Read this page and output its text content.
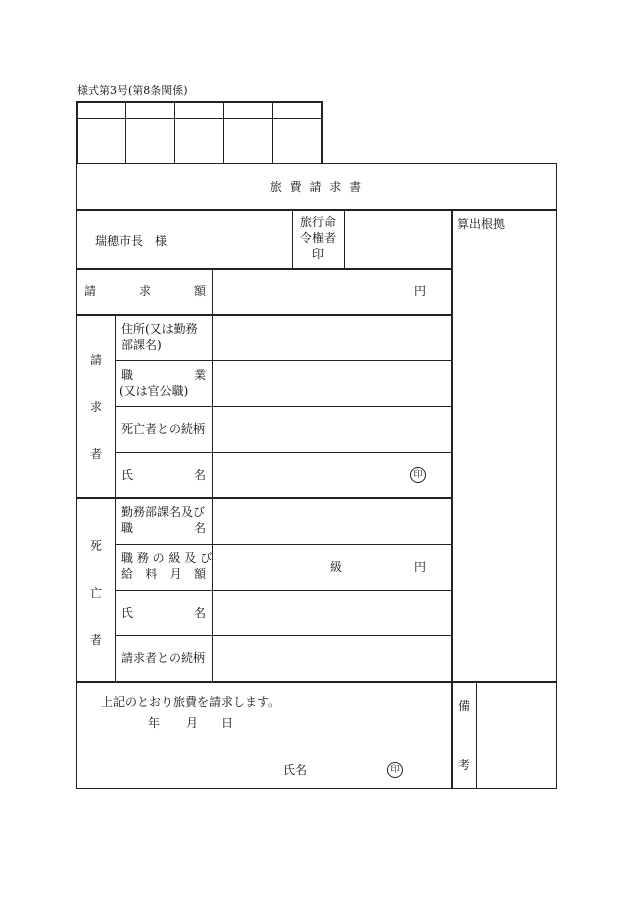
様式第3号(第8条関係)
旅 費 請 求 書
瑞穂市長　様
旅行命
令権者
印
算出根拠
請	求	額	円
請
求
者
住所(又は勤務
部課名)
職	業
(又は官公職)
死亡者との続柄
氏	名	印
死
亡
者
勤務部課名及び
職	名
職 務 の 級 及 び
給 料 月 額	級	円
氏	名
請求者との続柄
上記のとおり旅費を請求します。
年 月 日
氏名	印
備
考
